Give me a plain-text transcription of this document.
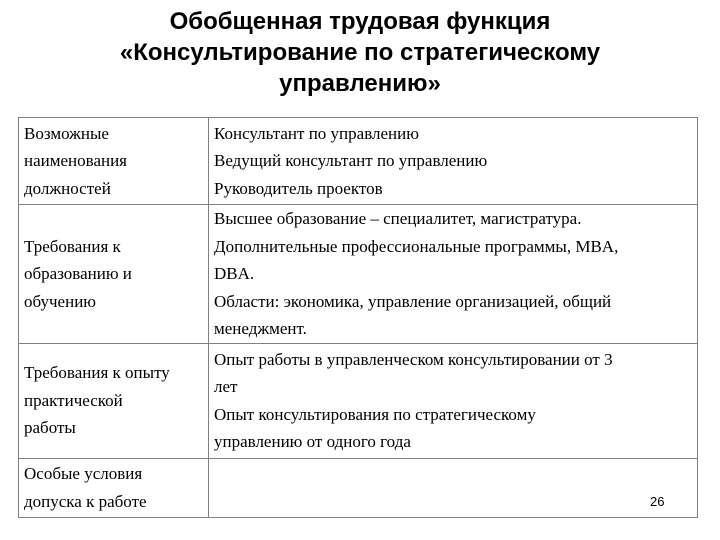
Обобщенная трудовая функция
«Консультирование по стратегическому
управлению»
Возможные
наименования
должностей	Консультант по управлению
Ведущий консультант по управлению
Руководитель проектов

Требования к
образованию и
обучению	Высшее образование – специалитет, магистратура.
Дополнительные профессиональные программы, MBA,
DBA.
Области: экономика, управление организацией, общий
менеджмент.

Требования к опыту
практической
работы	Опыт работы в управленческом консультировании от 3
лет
Опыт консультирования по стратегическому
управлению от одного года

Особые условия
допуска к работе	
		26
